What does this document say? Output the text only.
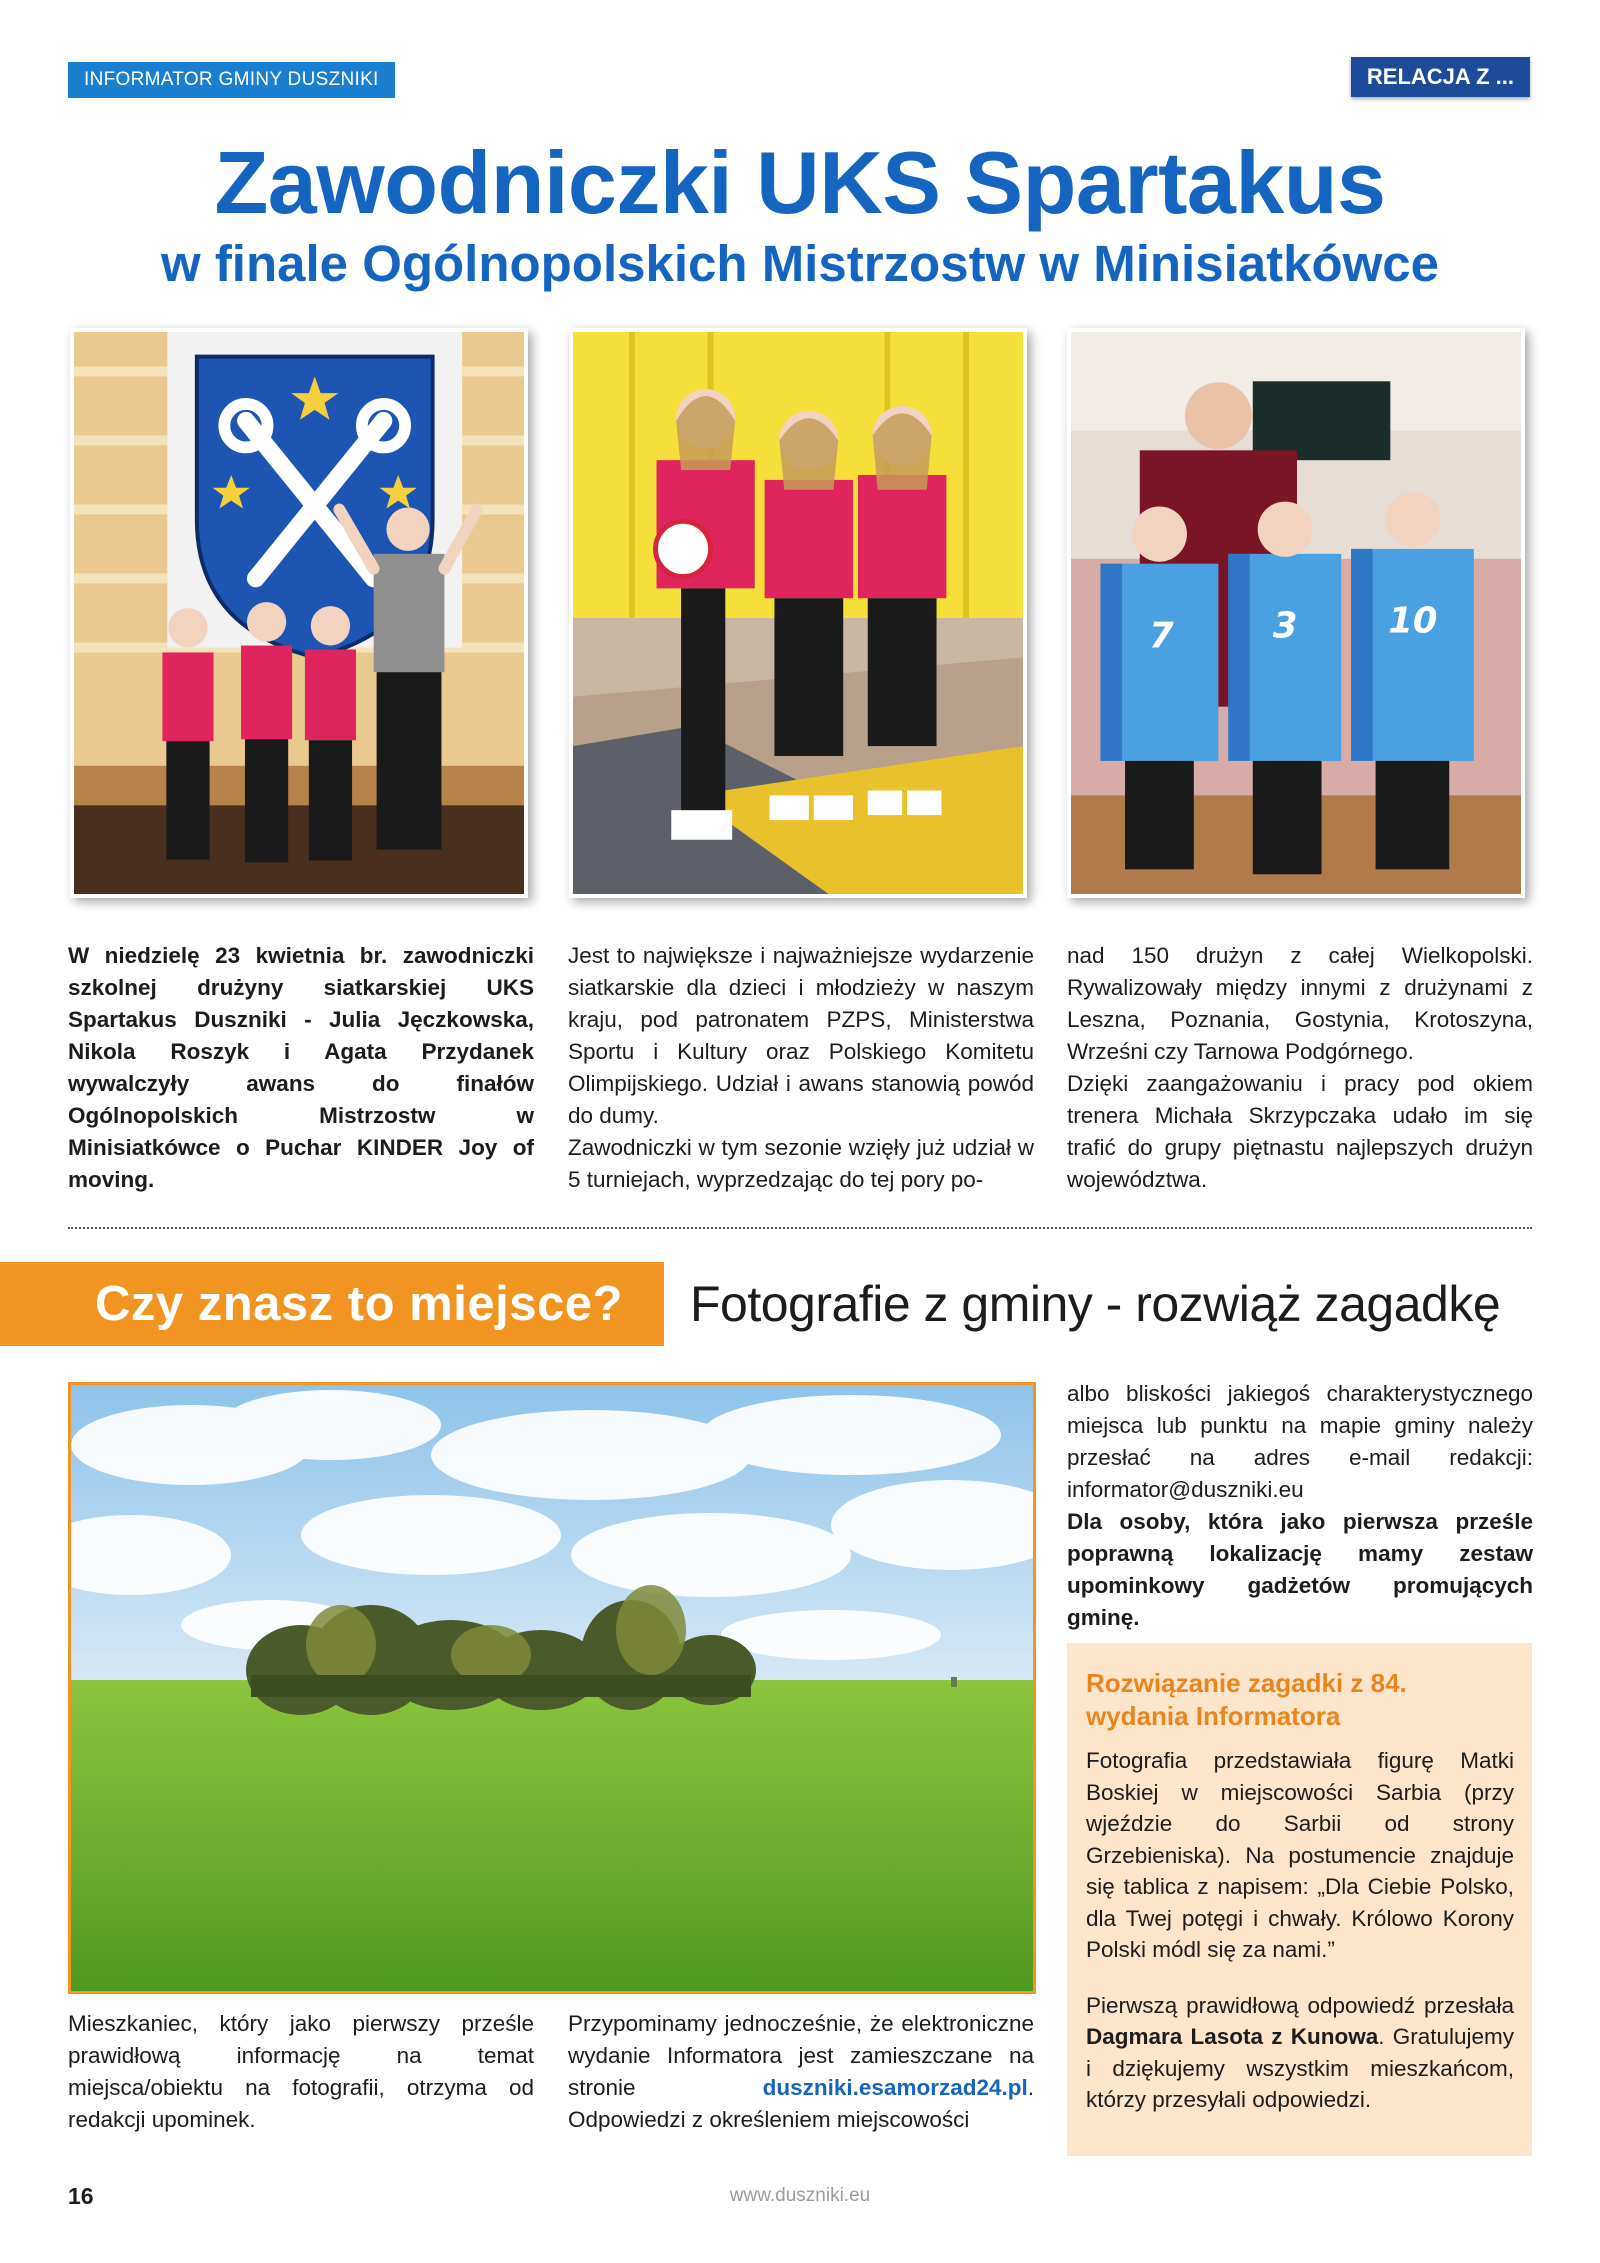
INFORMATOR GMINY DUSZNIKI	RELACJA Z ...
Zawodniczki UKS Spartakus
w finale Ogólnopolskich Mistrzostw w Minisiatkówce
7	3	10

W niedzielę 23 kwietnia br. zawodniczki szkolnej drużyny siatkarskiej UKS Spartakus Duszniki - Julia Jęczkowska, Nikola Roszyk i Agata Przydanek wywalczyły awans do finałów Ogólnopolskich Mistrzostw w Minisiatkówce o Puchar KINDER Joy of moving.

Jest to największe i najważniejsze wydarzenie siatkarskie dla dzieci i młodzieży w naszym kraju, pod patronatem PZPS, Ministerstwa Sportu i Kultury oraz Polskiego Komitetu Olimpijskiego. Udział i awans stanowią powód do dumy.

Zawodniczki w tym sezonie wzięły już udział w 5 turniejach, wyprzedzając do tej pory po-

nad 150 drużyn z całej Wielkopolski. Rywalizowały między innymi z drużynami z Leszna, Poznania, Gostynia, Krotoszyna, Wrześni czy Tarnowa Podgórnego.

Dzięki zaangażowaniu i pracy pod okiem trenera Michała Skrzypczaka udało im się trafić do grupy piętnastu najlepszych drużyn województwa.

Czy znasz to miejsce?	Fotografie z gminy - rozwiąż zagadkę

albo bliskości jakiegoś charakterystycznego miejsca lub punktu na mapie gminy należy przesłać na adres e-mail redakcji: informator@duszniki.eu

Dla osoby, która jako pierwsza prześle poprawną lokalizację mamy zestaw upominkowy gadżetów promujących gminę.

Mieszkaniec, który jako pierwszy prześle prawidłową informację na temat miejsca/obiektu na fotografii, otrzyma od redakcji upominek.

Przypominamy jednocześnie, że elektroniczne wydanie Informatora jest zamieszczane na stronie duszniki.esamorzad24.pl. Odpowiedzi z określeniem miejscowości

Rozwiązanie zagadki z 84. wydania Informatora

Fotografia przedstawiała figurę Matki Boskiej w miejscowości Sarbia (przy wjeździe do Sarbii od strony Grzebieniska). Na postumencie znajduje się tablica z napisem: „Dla Ciebie Polsko, dla Twej potęgi i chwały. Królowo Korony Polski módl się za nami.”

Pierwszą prawidłową odpowiedź przesłała Dagmara Lasota z Kunowa. Gratulujemy i dziękujemy wszystkim mieszkańcom, którzy przesyłali odpowiedzi.

16	www.duszniki.eu
